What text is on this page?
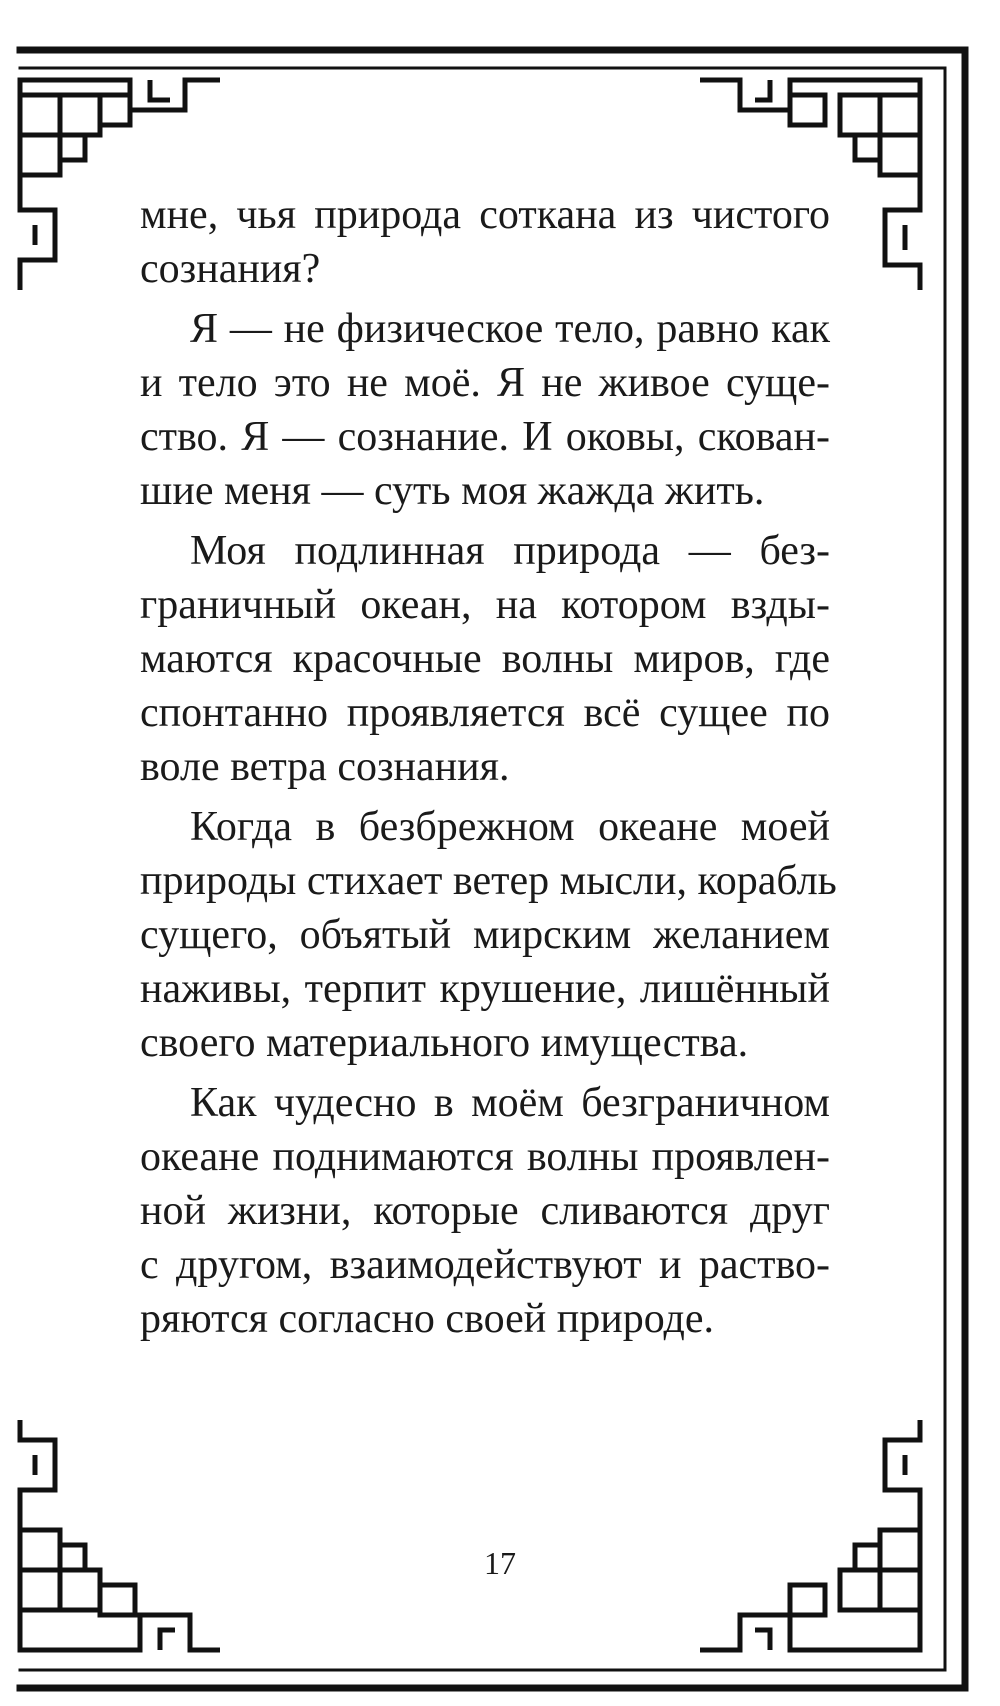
мне, чья природа соткана из чистого
сознания?
Я — не физическое тело, равно как
и тело это не моё. Я не живое суще-
ство. Я — сознание. И оковы, скован-
шие меня — суть моя жажда жить.
Моя подлинная природа — без-
граничный океан, на котором взды-
маются красочные волны миров, где
спонтанно проявляется всё сущее по
воле ветра сознания.
Когда в безбрежном океане моей
природы стихает ветер мысли, корабль
сущего, объятый мирским желанием
наживы, терпит крушение, лишённый
своего материального имущества.
Как чудесно в моём безграничном
океане поднимаются волны проявлен-
ной жизни, которые сливаются друг
с другом, взаимодействуют и раство-
ряются согласно своей природе.
17
